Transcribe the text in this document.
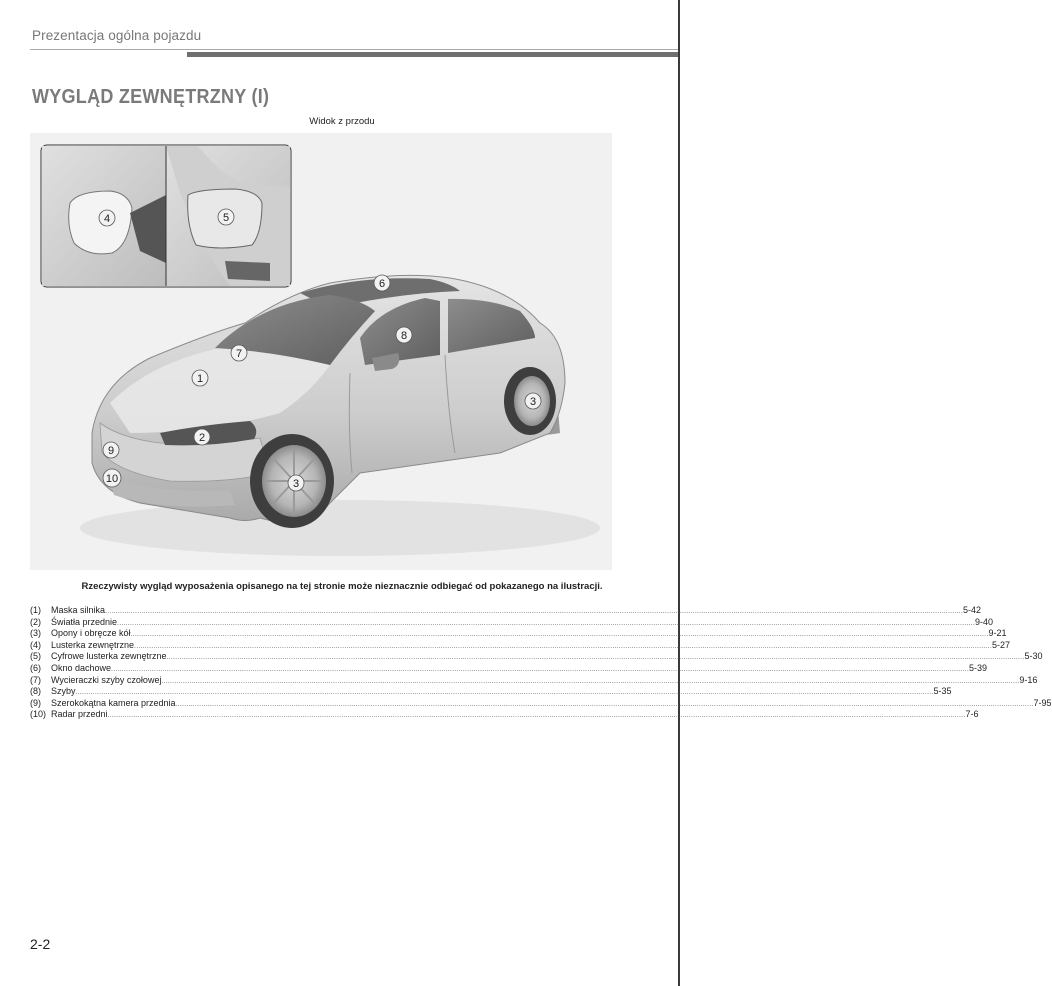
Prezentacja ogólna pojazdu
WYGLĄD ZEWNĘTRZNY (I)
Widok z przodu
1
2
3
3
4	5
6
7
8
9
10
Rzeczywisty wygląd wyposażenia opisanego na tej stronie może nieznacznie odbiegać od pokazanego na ilustracji.
(1)	Maska silnika ................................................................................................................................................................................................................................................................................................................................................................................................................ 5-42
(2)	Światła przednie ................................................................................................................................................................................................................................................................................................................................................................................................................ 9-40
(3)	Opony i obręcze kół ................................................................................................................................................................................................................................................................................................................................................................................................................ 9-21
(4)	Lusterka zewnętrzne ................................................................................................................................................................................................................................................................................................................................................................................................................ 5-27
(5)	Cyfrowe lusterka zewnętrzne ................................................................................................................................................................................................................................................................................................................................................................................................................ 5-30
(6)	Okno dachowe ................................................................................................................................................................................................................................................................................................................................................................................................................ 5-39
(7)	Wycieraczki szyby czołowej ................................................................................................................................................................................................................................................................................................................................................................................................................ 9-16
(8)	Szyby ................................................................................................................................................................................................................................................................................................................................................................................................................ 5-35
(9)	Szerokokątna kamera przednia ................................................................................................................................................................................................................................................................................................................................................................................................................ 7-95
(10) Radar przedni ................................................................................................................................................................................................................................................................................................................................................................................................................ 7-6
2-2
